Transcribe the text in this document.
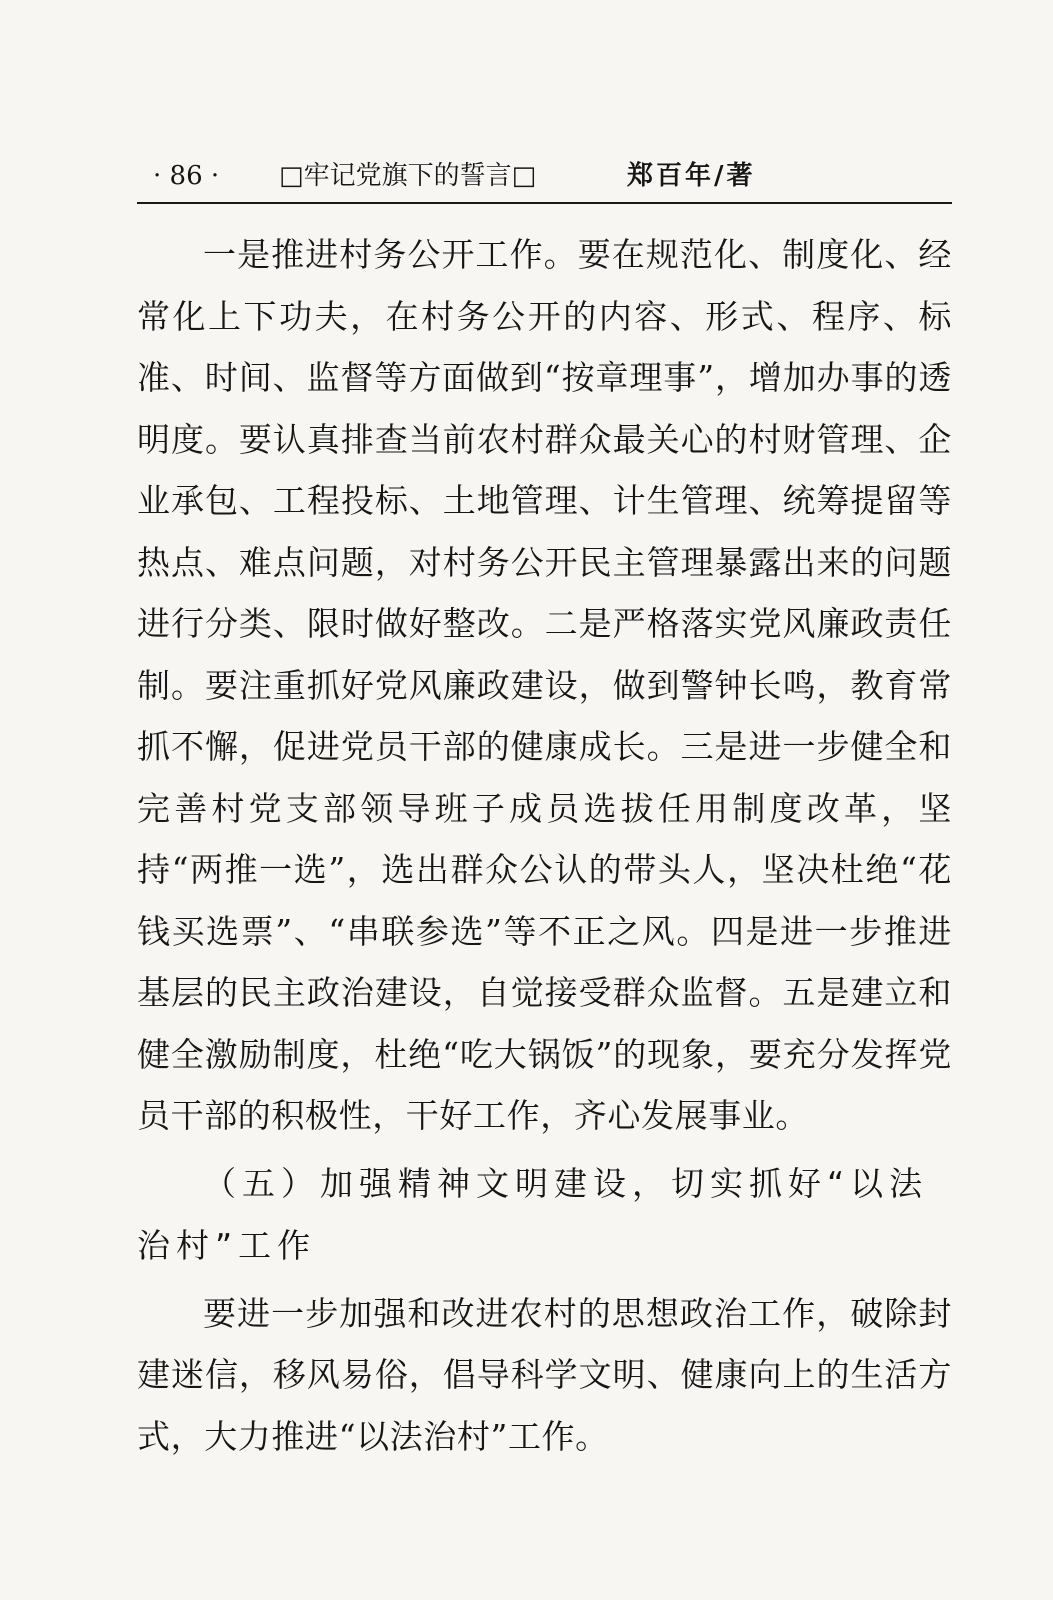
· 86 · □牢记党旗下的誓言□	郑百年/著

一是推进村务公开工作。要在规范化、制度化、经常化上下功夫，在村务公开的内容、形式、程序、标准、时间、监督等方面做到“按章理事”，增加办事的透明度。要认真排查当前农村群众最关心的村财管理、企业承包、工程投标、土地管理、计生管理、统筹提留等热点、难点问题，对村务公开民主管理暴露出来的问题进行分类、限时做好整改。二是严格落实党风廉政责任制。要注重抓好党风廉政建设，做到警钟长鸣，教育常抓不懈，促进党员干部的健康成长。三是进一步健全和完善村党支部领导班子成员选拔任用制度改革，坚持“两推一选”，选出群众公认的带头人，坚决杜绝“花钱买选票”、“串联参选”等不正之风。四是进一步推进基层的民主政治建设，自觉接受群众监督。五是建立和健全激励制度，杜绝“吃大锅饭”的现象，要充分发挥党员干部的积极性，干好工作，齐心发展事业。

（五）加强精神文明建设，切实抓好“以法治村”工作

要进一步加强和改进农村的思想政治工作，破除封建迷信，移风易俗，倡导科学文明、健康向上的生活方式，大力推进“以法治村”工作。
